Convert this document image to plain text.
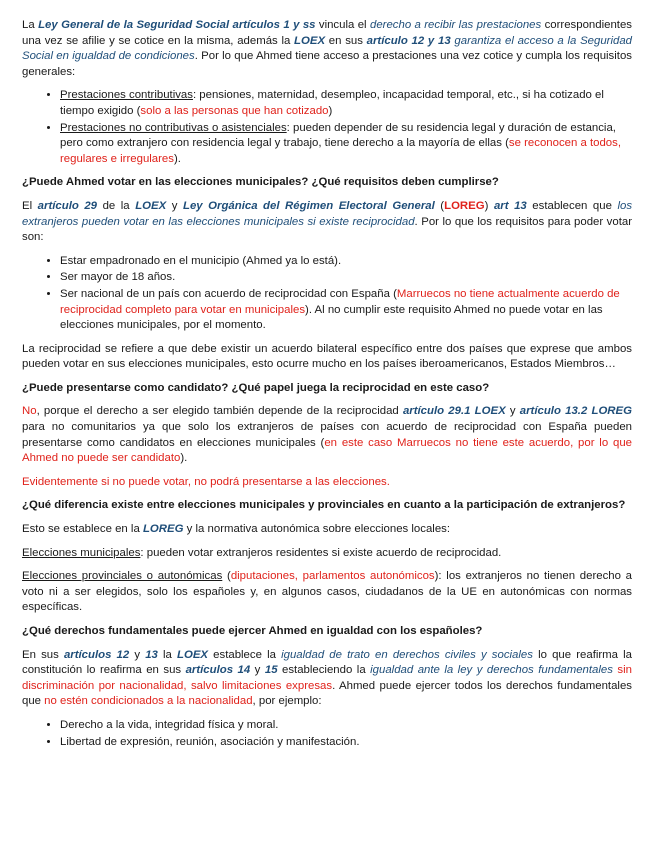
La Ley General de la Seguridad Social artículos 1 y ss vincula el derecho a recibir las prestaciones correspondientes una vez se afilie y se cotice en la misma, además la LOEX en sus artículo 12 y 13 garantiza el acceso a la Seguridad Social en igualdad de condiciones. Por lo que Ahmed tiene acceso a prestaciones una vez cotice y cumpla los requisitos generales:

• Prestaciones contributivas: pensiones, maternidad, desempleo, incapacidad temporal, etc., si ha cotizado el tiempo exigido (solo a las personas que han cotizado)
• Prestaciones no contributivas o asistenciales: pueden depender de su residencia legal y duración de estancia, pero como extranjero con residencia legal y trabajo, tiene derecho a la mayoría de ellas (se reconocen a todos, regulares e irregulares).

¿Puede Ahmed votar en las elecciones municipales? ¿Qué requisitos deben cumplirse?

El artículo 29 de la LOEX y Ley Orgánica del Régimen Electoral General (LOREG) art 13 establecen que los extranjeros pueden votar en las elecciones municipales si existe reciprocidad. Por lo que los requisitos para poder votar son:

• Estar empadronado en el municipio (Ahmed ya lo está).
• Ser mayor de 18 años.
• Ser nacional de un país con acuerdo de reciprocidad con España (Marruecos no tiene actualmente acuerdo de reciprocidad completo para votar en municipales). Al no cumplir este requisito Ahmed no puede votar en las elecciones municipales, por el momento.

La reciprocidad se refiere a que debe existir un acuerdo bilateral específico entre dos países que exprese que ambos pueden votar en sus elecciones municipales, esto ocurre mucho en los países iberoamericanos, Estados Miembros…

¿Puede presentarse como candidato? ¿Qué papel juega la reciprocidad en este caso?

No, porque el derecho a ser elegido también depende de la reciprocidad artículo 29.1 LOEX y artículo 13.2 LOREG para no comunitarios ya que solo los extranjeros de países con acuerdo de reciprocidad con España pueden presentarse como candidatos en elecciones municipales (en este caso Marruecos no tiene este acuerdo, por lo que Ahmed no puede ser candidato).

Evidentemente si no puede votar, no podrá presentarse a las elecciones.

¿Qué diferencia existe entre elecciones municipales y provinciales en cuanto a la participación de extranjeros?

Esto se establece en la LOREG y la normativa autonómica sobre elecciones locales:

Elecciones municipales: pueden votar extranjeros residentes si existe acuerdo de reciprocidad.

Elecciones provinciales o autonómicas (diputaciones, parlamentos autonómicos): los extranjeros no tienen derecho a voto ni a ser elegidos, solo los españoles y, en algunos casos, ciudadanos de la UE en autonómicas con normas específicas.

¿Qué derechos fundamentales puede ejercer Ahmed en igualdad con los españoles?

En sus artículos 12 y 13 la LOEX establece la igualdad de trato en derechos civiles y sociales lo que reafirma la constitución lo reafirma en sus artículos 14 y 15 estableciendo la igualdad ante la ley y derechos fundamentales sin discriminación por nacionalidad, salvo limitaciones expresas. Ahmed puede ejercer todos los derechos fundamentales que no estén condicionados a la nacionalidad, por ejemplo:

• Derecho a la vida, integridad física y moral.
• Libertad de expresión, reunión, asociación y manifestación.
